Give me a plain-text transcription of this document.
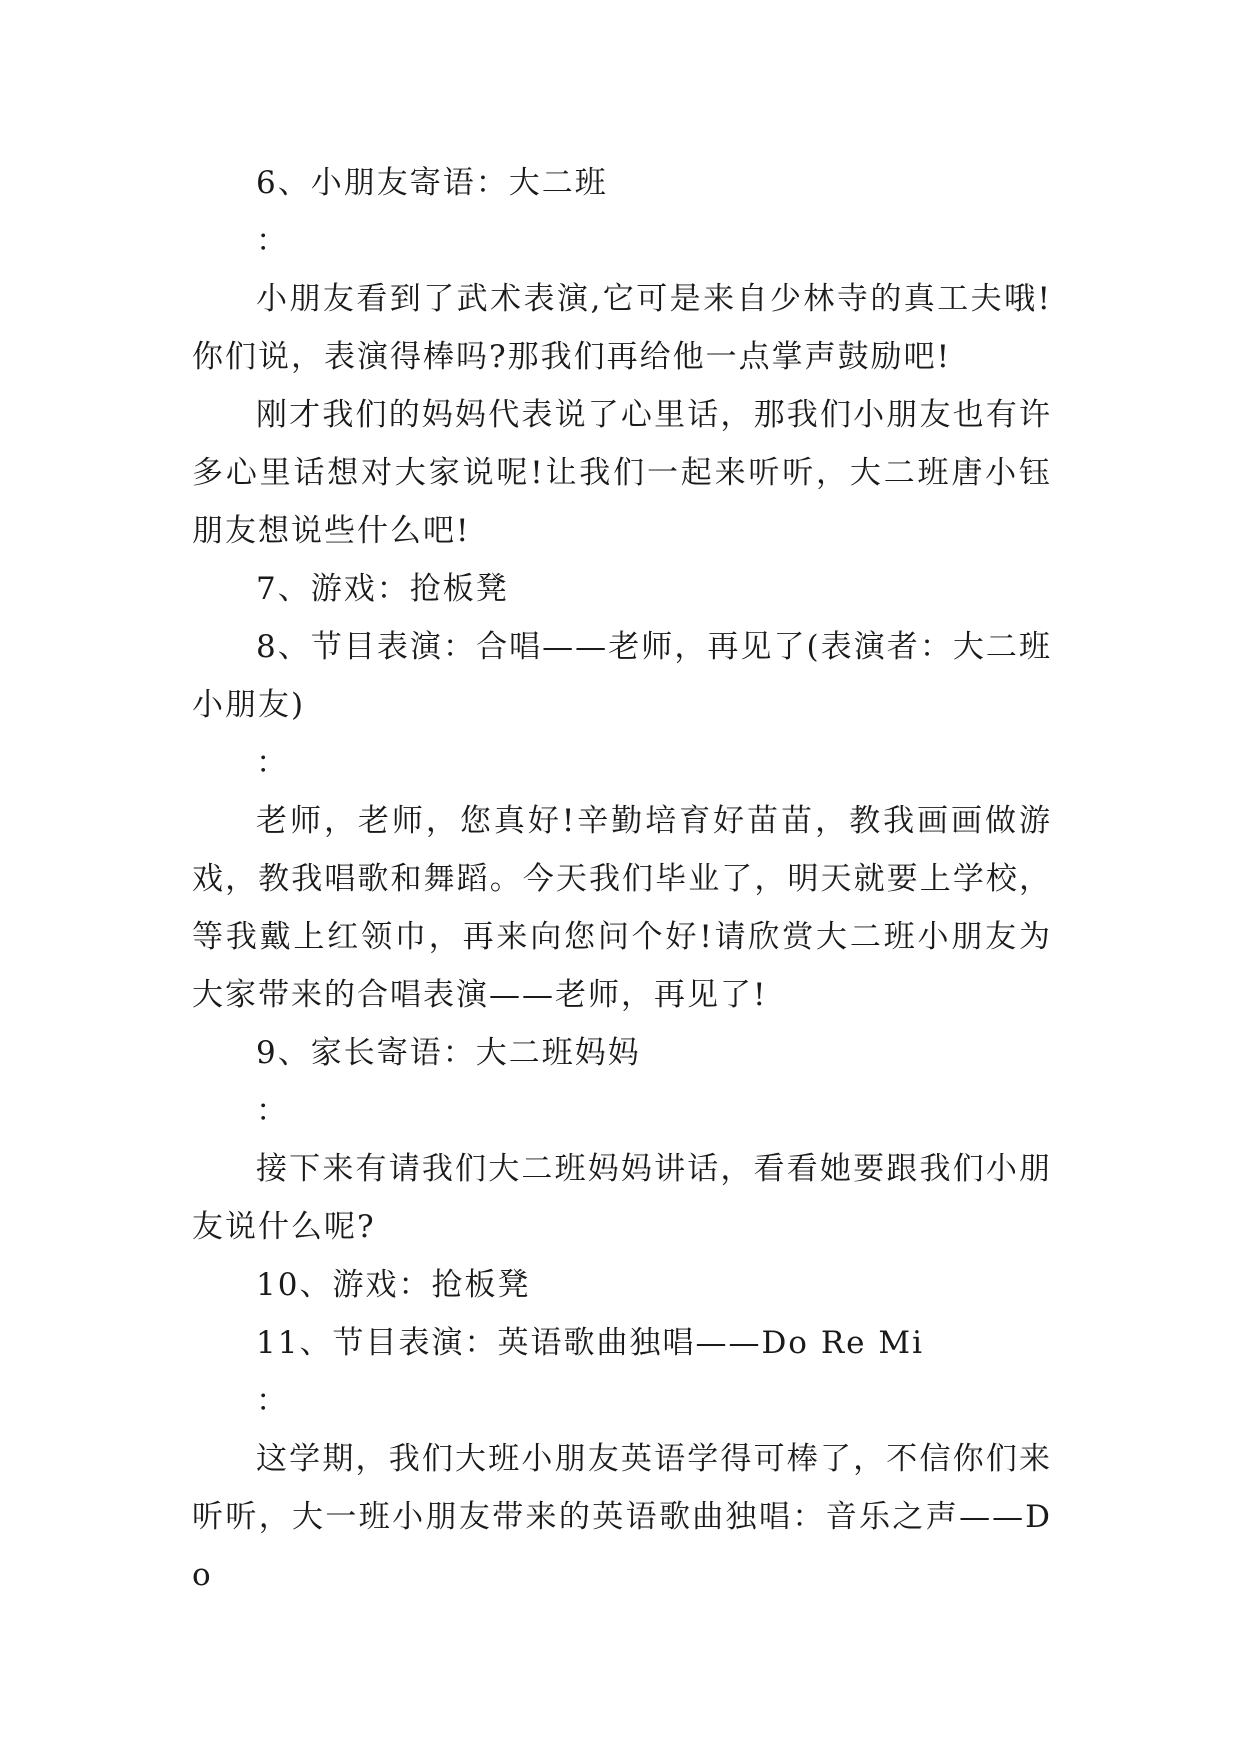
6、小朋友寄语：大二班

：

小朋友看到了武术表演,它可是来自少林寺的真工夫哦!你们说，表演得棒吗?那我们再给他一点掌声鼓励吧!

刚才我们的妈妈代表说了心里话，那我们小朋友也有许多心里话想对大家说呢!让我们一起来听听，大二班唐小钰朋友想说些什么吧!

7、游戏：抢板凳

8、节目表演：合唱——老师，再见了(表演者：大二班小朋友)

：

老师，老师，您真好!辛勤培育好苗苗，教我画画做游戏，教我唱歌和舞蹈。今天我们毕业了，明天就要上学校，等我戴上红领巾，再来向您问个好!请欣赏大二班小朋友为大家带来的合唱表演——老师，再见了!

9、家长寄语：大二班妈妈

：

接下来有请我们大二班妈妈讲话，看看她要跟我们小朋友说什么呢?

10、游戏：抢板凳

11、节目表演：英语歌曲独唱——Do Re Mi

：

这学期，我们大班小朋友英语学得可棒了，不信你们来听听，大一班小朋友带来的英语歌曲独唱：音乐之声——Do
